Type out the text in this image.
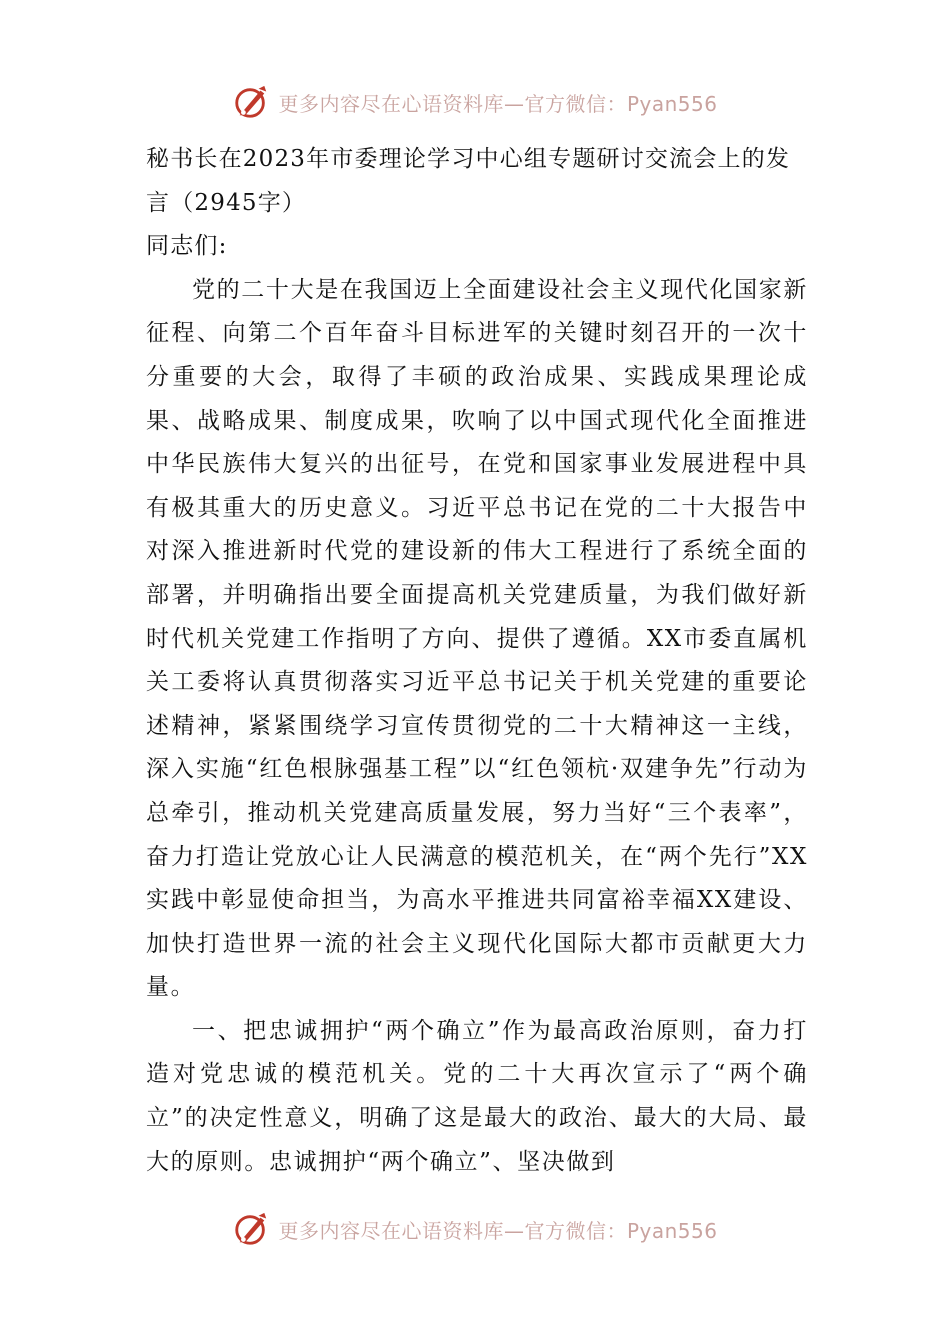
更多内容尽在心语资料库—官方微信：Pyan556
秘书长在2023年市委理论学习中心组专题研讨交流会上的发言（2945字）

同志们:

党的二十大是在我国迈上全面建设社会主义现代化国家新征程、向第二个百年奋斗目标进军的关键时刻召开的一次十分重要的大会，取得了丰硕的政治成果、实践成果理论成果、战略成果、制度成果，吹响了以中国式现代化全面推进中华民族伟大复兴的出征号，在党和国家事业发展进程中具有极其重大的历史意义。习近平总书记在党的二十大报告中对深入推进新时代党的建设新的伟大工程进行了系统全面的部署，并明确指出要全面提高机关党建质量，为我们做好新时代机关党建工作指明了方向、提供了遵循。XX市委直属机关工委将认真贯彻落实习近平总书记关于机关党建的重要论述精神，紧紧围绕学习宣传贯彻党的二十大精神这一主线，深入实施“红色根脉强基工程”以“红色领杭·双建争先”行动为总牵引，推动机关党建高质量发展，努力当好“三个表率”，奋力打造让党放心让人民满意的模范机关，在“两个先行”XX实践中彰显使命担当，为高水平推进共同富裕幸福XX建设、加快打造世界一流的社会主义现代化国际大都市贡献更大力量。

一、把忠诚拥护“两个确立”作为最高政治原则，奋力打造对党忠诚的模范机关。党的二十大再次宣示了“两个确立”的决定性意义，明确了这是最大的政治、最大的大局、最大的原则。忠诚拥护“两个确立”、坚决做到

更多内容尽在心语资料库—官方微信：Pyan556
